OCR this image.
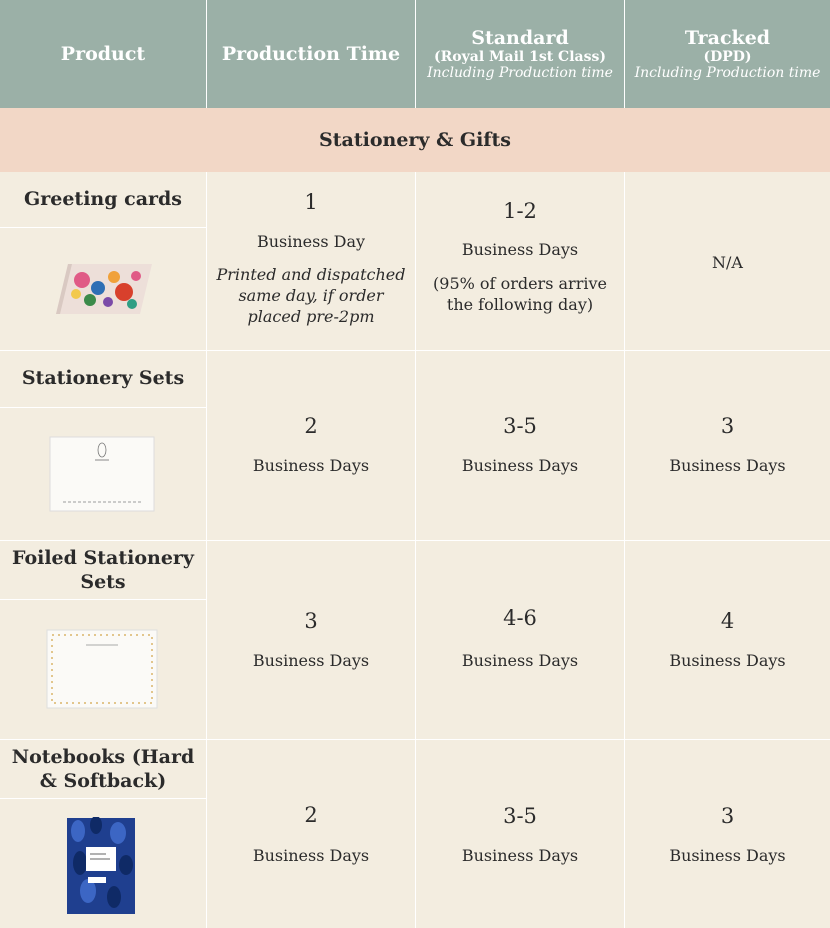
Product	Production Time
Standard
(Royal Mail 1st Class)
Including Production time
Tracked
(DPD)
Including Production time
Stationery & Gifts
Greeting cards	1
Business Day
Printed and dispatched same day, if order placed pre-2pm
1-2
Business Days
(95% of orders arrive the following day)
N/A
Stationery Sets
2
Business Days
3-5
Business Days
3
Business Days
Foiled Stationery Sets
3
Business Days
4-6
Business Days
4
Business Days
Notebooks (Hard & Softback)
2
Business Days
3-5
Business Days
3
Business Days
